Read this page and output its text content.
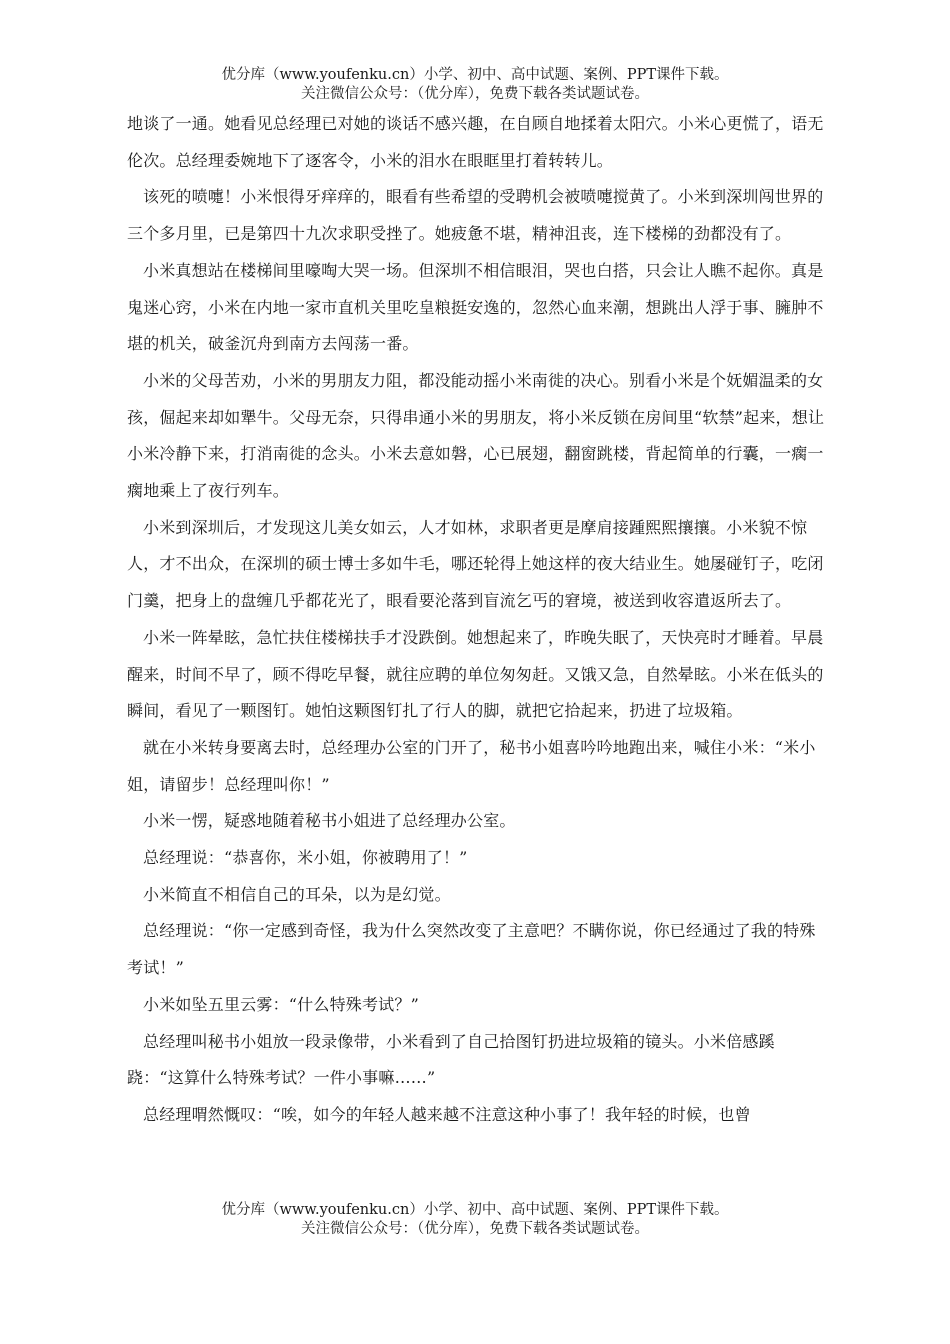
优分库（www.youfenku.cn）小学、初中、高中试题、案例、PPT课件下载。
关注微信公众号：（优分库），免费下载各类试题试卷。

地谈了一通。她看见总经理已对她的谈话不感兴趣，在自顾自地揉着太阳穴。小米心更慌了，语无伦次。总经理委婉地下了逐客令，小米的泪水在眼眶里打着转转儿。

该死的喷嚏！小米恨得牙痒痒的，眼看有些希望的受聘机会被喷嚏搅黄了。小米到深圳闯世界的三个多月里，已是第四十九次求职受挫了。她疲惫不堪，精神沮丧，连下楼梯的劲都没有了。

小米真想站在楼梯间里嚎啕大哭一场。但深圳不相信眼泪，哭也白搭，只会让人瞧不起你。真是鬼迷心窍，小米在内地一家市直机关里吃皇粮挺安逸的，忽然心血来潮，想跳出人浮于事、臃肿不堪的机关，破釜沉舟到南方去闯荡一番。

小米的父母苦劝，小米的男朋友力阻，都没能动摇小米南徙的决心。别看小米是个妩媚温柔的女孩，倔起来却如犟牛。父母无奈，只得串通小米的男朋友，将小米反锁在房间里“软禁”起来，想让小米冷静下来，打消南徙的念头。小米去意如磐，心已展翅，翻窗跳楼，背起简单的行囊，一瘸一瘸地乘上了夜行列车。

小米到深圳后，才发现这儿美女如云，人才如林，求职者更是摩肩接踵熙熙攘攘。小米貌不惊人，才不出众，在深圳的硕士博士多如牛毛，哪还轮得上她这样的夜大结业生。她屡碰钉子，吃闭门羹，把身上的盘缠几乎都花光了，眼看要沦落到盲流乞丐的窘境，被送到收容遣返所去了。

小米一阵晕眩，急忙扶住楼梯扶手才没跌倒。她想起来了，昨晚失眠了，天快亮时才睡着。早晨醒来，时间不早了，顾不得吃早餐，就往应聘的单位匆匆赶。又饿又急，自然晕眩。小米在低头的瞬间，看见了一颗图钉。她怕这颗图钉扎了行人的脚，就把它拾起来，扔进了垃圾箱。

就在小米转身要离去时，总经理办公室的门开了，秘书小姐喜吟吟地跑出来，喊住小米：“米小姐，请留步！总经理叫你！”

小米一愣，疑惑地随着秘书小姐进了总经理办公室。

总经理说：“恭喜你，米小姐，你被聘用了！”

小米简直不相信自己的耳朵，以为是幻觉。

总经理说：“你一定感到奇怪，我为什么突然改变了主意吧？不瞒你说，你已经通过了我的特殊考试！”

小米如坠五里云雾：“什么特殊考试？”

总经理叫秘书小姐放一段录像带，小米看到了自己拾图钉扔进垃圾箱的镜头。小米倍感蹊跷：“这算什么特殊考试？一件小事嘛……”

总经理喟然慨叹：“唉，如今的年轻人越来越不注意这种小事了！我年轻的时候，也曾

优分库（www.youfenku.cn）小学、初中、高中试题、案例、PPT课件下载。
关注微信公众号：（优分库），免费下载各类试题试卷。
